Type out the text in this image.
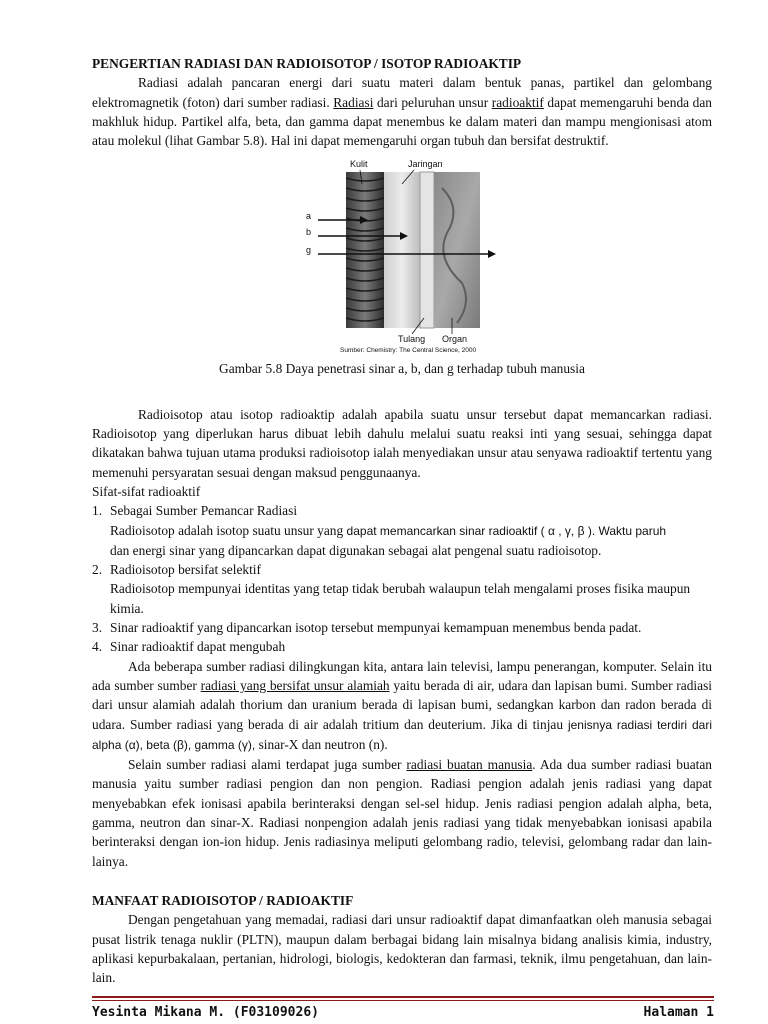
PENGERTIAN RADIASI DAN RADIOISOTOP / ISOTOP RADIOAKTIP

Radiasi adalah pancaran energi dari suatu materi dalam bentuk panas, partikel dan gelombang elektromagnetik (foton) dari sumber radiasi. Radiasi dari peluruhan unsur radioaktif dapat memengaruhi benda dan makhluk hidup. Partikel alfa, beta, dan gamma dapat menembus ke dalam materi dan mampu mengionisasi atom atau molekul (lihat Gambar 5.8). Hal ini dapat memengaruhi organ tubuh dan bersifat destruktif.

Kulit	Jaringan
a
b
g
Tulang Organ
Sumber: Chemistry: The Central Science, 2000

Gambar 5.8 Daya penetrasi sinar a, b, dan g terhadap tubuh manusia

Radioisotop atau isotop radioaktip adalah apabila suatu unsur tersebut dapat memancarkan radiasi. Radioisotop yang diperlukan harus dibuat lebih dahulu melalui suatu reaksi inti yang sesuai, sehingga dapat dikatakan bahwa tujuan utama produksi radioisotop ialah menyediakan unsur atau senyawa radioaktif tertentu yang memenuhi persyaratan sesuai dengan maksud penggunaanya.

Sifat-sifat radioaktif

1. Sebagai Sumber Pemancar Radiasi
Radioisotop adalah isotop suatu unsur yang dapat memancarkan sinar radioaktif ( α , γ, β ). Waktu paruh
dan energi sinar yang dipancarkan dapat digunakan sebagai alat pengenal suatu radioisotop.
2. Radioisotop bersifat selektif
Radioisotop mempunyai identitas yang tetap tidak berubah walaupun telah mengalami proses fisika maupun kimia.
3. Sinar radioaktif yang dipancarkan isotop tersebut mempunyai kemampuan menembus benda padat.
4. Sinar radioaktif dapat mengubah

Ada beberapa sumber radiasi dilingkungan kita, antara lain televisi, lampu penerangan, komputer. Selain itu ada sumber sumber radiasi yang bersifat unsur alamiah yaitu berada di air, udara dan lapisan bumi. Sumber radiasi dari unsur alamiah adalah thorium dan uranium berada di lapisan bumi, sedangkan karbon dan radon berada di udara. Sumber radiasi yang berada di air adalah tritium dan deuterium. Jika di tinjau jenisnya radiasi terdiri dari alpha (α), beta (β), gamma (γ), sinar-X dan neutron (n).

Selain sumber radiasi alami terdapat juga sumber radiasi buatan manusia. Ada dua sumber radiasi buatan manusia yaitu sumber radiasi pengion dan non pengion. Radiasi pengion adalah jenis radiasi yang dapat menyebabkan efek ionisasi apabila berinteraksi dengan sel-sel hidup. Jenis radiasi pengion adalah alpha, beta, gamma, neutron dan sinar-X. Radiasi nonpengion adalah jenis radiasi yang tidak menyebabkan ionisasi apabila berinteraksi dengan ion-ion hidup. Jenis radiasinya meliputi gelombang radio, televisi, gelombang radar dan lain-lainya.

MANFAAT RADIOISOTOP / RADIOAKTIF

Dengan pengetahuan yang memadai, radiasi dari unsur radioaktif dapat dimanfaatkan oleh manusia sebagai pusat listrik tenaga nuklir (PLTN), maupun dalam berbagai bidang lain misalnya bidang analisis kimia, industry, aplikasi kepurbakalaan, pertanian, hidrologi, biologis, kedokteran dan farmasi, teknik, ilmu pengetahuan, dan lain-lain.

Yesinta Mikana M. (F03109026)	Halaman 1
